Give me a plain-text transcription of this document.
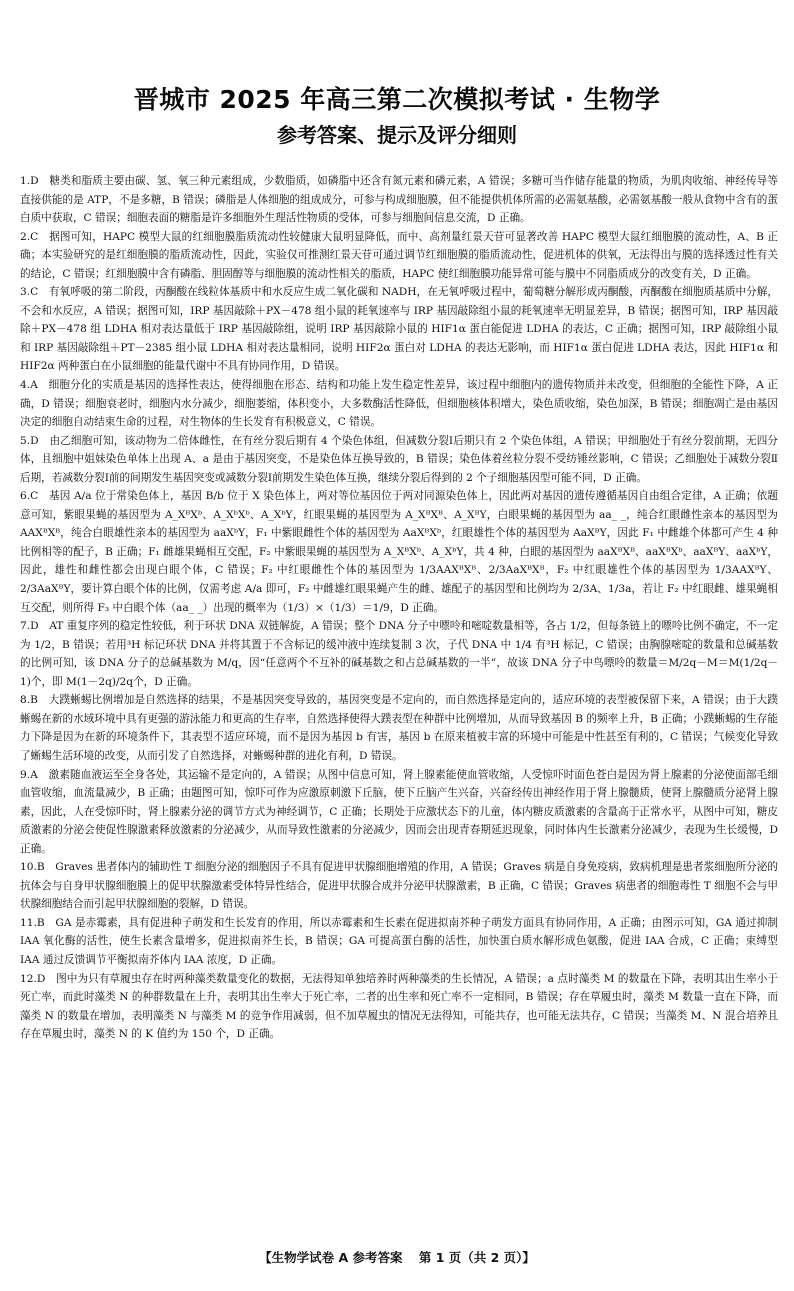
晋城市 2025 年高三第二次模拟考试 · 生物学
参考答案、提示及评分细则

1.D　糖类和脂质主要由碳、氢、氧三种元素组成，少数脂质，如磷脂中还含有氮元素和磷元素，A 错误；多糖可当作储存能量的物质，为肌肉收缩、神经传导等直接供能的是 ATP，不是多糖，B 错误；磷脂是人体细胞的组成成分，可参与构成细胞膜，但不能提供机体所需的必需氨基酸，必需氨基酸一般从食物中含有的蛋白质中获取，C 错误；细胞表面的糖脂是许多细胞外生理活性物质的受体，可参与细胞间信息交流，D 正确。

2.C　据图可知，HAPC 模型大鼠的红细胞膜脂质流动性较健康大鼠明显降低，而中、高剂量红景天苷可显著改善 HAPC 模型大鼠红细胞膜的流动性，A、B 正确；本实验研究的是红细胞膜的脂质流动性，因此，实验仅可推测红景天苷可通过调节红细胞膜的脂质流动性，促进机体的供氧，无法得出与膜的选择透过性有关的结论，C 错误；红细胞膜中含有磷脂、胆固醇等与细胞膜的流动性相关的脂质，HAPC 使红细胞膜功能异常可能与膜中不同脂质成分的改变有关，D 正确。

3.C　有氧呼吸的第二阶段，丙酮酸在线粒体基质中和水反应生成二氧化碳和 NADH，在无氧呼吸过程中，葡萄糖分解形成丙酮酸，丙酮酸在细胞质基质中分解，不会和水反应，A 错误；据图可知，IRP 基因敲除＋PX－478 组小鼠的耗氧速率与 IRP 基因敲除组小鼠的耗氧速率无明显差异，B 错误；据图可知，IRP 基因敲除＋PX－478 组 LDHA 相对表达量低于 IRP 基因敲除组，说明 IRP 基因敲除小鼠的 HIF1α 蛋白能促进 LDHA 的表达，C 正确；据图可知，IRP 敲除组小鼠和 IRP 基因敲除组＋PT－2385 组小鼠 LDHA 相对表达量相同，说明 HIF2α 蛋白对 LDHA 的表达无影响，而 HIF1α 蛋白促进 LDHA 表达，因此 HIF1α 和 HIF2α 两种蛋白在小鼠细胞的能量代谢中不具有协同作用，D 错误。

4.A　细胞分化的实质是基因的选择性表达，使得细胞在形态、结构和功能上发生稳定性差异，该过程中细胞内的遗传物质并未改变，但细胞的全能性下降，A 正确，D 错误；细胞衰老时，细胞内水分减少，细胞萎缩，体积变小，大多数酶活性降低，但细胞核体积增大，染色质收缩，染色加深，B 错误；细胞凋亡是由基因决定的细胞自动结束生命的过程，对生物体的生长发育有积极意义，C 错误。

5.D　由乙细胞可知，该动物为二倍体雌性，在有丝分裂后期有 4 个染色体组，但减数分裂Ⅰ后期只有 2 个染色体组，A 错误；甲细胞处于有丝分裂前期，无四分体，且细胞中姐妹染色单体上出现 A、a 是由于基因突变，不是染色体互换导致的，B 错误；染色体着丝粒分裂不受纺锤丝影响，C 错误；乙细胞处于减数分裂Ⅱ后期，若减数分裂Ⅰ前的间期发生基因突变或减数分裂Ⅰ前期发生染色体互换，继续分裂后得到的 2 个子细胞基因型可能不同，D 正确。

6.C　基因 A/a 位于常染色体上，基因 B/b 位于 X 染色体上，两对等位基因位于两对同源染色体上，因此两对基因的遗传遵循基因自由组合定律，A 正确；依题意可知，紫眼果蝇的基因型为 A_XᴮXᵇ、A_XᵇXᵇ、A_XᵇY，红眼果蝇的基因型为 A_XᴮXᴮ、A_XᴮY，白眼果蝇的基因型为 aa_ _，纯合红眼雌性亲本的基因型为 AAXᴮXᴮ，纯合白眼雄性亲本的基因型为 aaXᵇY，F₁ 中紫眼雌性个体的基因型为 AaXᴮXᵇ，红眼雄性个体的基因型为 AaXᴮY，因此 F₁ 中雌雄个体都可产生 4 种比例相等的配子，B 正确；F₁ 雌雄果蝇相互交配，F₂ 中紫眼果蝇的基因型为 A_XᴮXᵇ、A_XᵇY，共 4 种，白眼的基因型为 aaXᴮXᴮ、aaXᴮXᵇ、aaXᴮY、aaXᵇY，因此，雄性和雌性都会出现白眼个体，C 错误；F₂ 中红眼雌性个体的基因型为 1/3AAXᴮXᴮ、2/3AaXᴮXᴮ，F₂ 中红眼雄性个体的基因型为 1/3AAXᴮY、2/3AaXᴮY，要计算白眼个体的比例，仅需考虑 A/a 即可，F₂ 中雌雄红眼果蝇产生的雌、雄配子的基因型和比例均为 2/3A、1/3a，若让 F₂ 中红眼雌、雄果蝇相互交配，则所得 F₃ 中白眼个体（aa_ _）出现的概率为（1/3）×（1/3）＝1/9，D 正确。

7.D　AT 重复序列的稳定性较低，利于环状 DNA 双链解旋，A 错误；整个 DNA 分子中嘌呤和嘧啶数量相等，各占 1/2，但每条链上的嘌呤比例不确定，不一定为 1/2，B 错误；若用³H 标记环状 DNA 并将其置于不含标记的缓冲液中连续复制 3 次，子代 DNA 中 1/4 有³H 标记，C 错误；由胸腺嘧啶的数量和总碱基数的比例可知，该 DNA 分子的总碱基数为 M/q，因“任意两个不互补的碱基数之和占总碱基数的一半”，故该 DNA 分子中鸟嘌呤的数量＝M/2q－M＝M(1/2q－1)个，即 M(1－2q)/2q个，D 正确。

8.B　大蹼蜥蜴比例增加是自然选择的结果，不是基因突变导致的，基因突变是不定向的，而自然选择是定向的，适应环境的表型被保留下来，A 错误；由于大蹼蜥蜴在新的水域环境中具有更强的游泳能力和更高的生存率，自然选择使得大蹼表型在种群中比例增加，从而导致基因 B 的频率上升，B 正确；小蹼蜥蜴的生存能力下降是因为在新的环境条件下，其表型不适应环境，而不是因为基因 b 有害，基因 b 在原来植被丰富的环境中可能是中性甚至有利的，C 错误；气候变化导致了蜥蜴生活环境的改变，从而引发了自然选择，对蜥蜴种群的进化有利，D 错误。

9.A　激素随血液运至全身各处，其运输不是定向的，A 错误；从图中信息可知，肾上腺素能使血管收缩，人受惊吓时面色苍白是因为肾上腺素的分泌使面部毛细血管收缩，血流量减少，B 正确；由题图可知，惊吓可作为应激原刺激下丘脑，使下丘脑产生兴奋，兴奋经传出神经作用于肾上腺髓质，使肾上腺髓质分泌肾上腺素，因此，人在受惊吓时，肾上腺素分泌的调节方式为神经调节，C 正确；长期处于应激状态下的儿童，体内糖皮质激素的含量高于正常水平，从图中可知，糖皮质激素的分泌会使促性腺激素释放激素的分泌减少，从而导致性激素的分泌减少，因而会出现青春期延迟现象，同时体内生长激素分泌减少，表现为生长缓慢，D 正确。

10.B　Graves 患者体内的辅助性 T 细胞分泌的细胞因子不具有促进甲状腺细胞增殖的作用，A 错误；Graves 病是自身免疫病，致病机理是患者浆细胞所分泌的抗体会与自身甲状腺细胞膜上的促甲状腺激素受体特异性结合，促进甲状腺合成并分泌甲状腺激素，B 正确，C 错误；Graves 病患者的细胞毒性 T 细胞不会与甲状腺细胞结合而引起甲状腺细胞的裂解，D 错误。

11.B　GA 是赤霉素，具有促进种子萌发和生长发育的作用，所以赤霉素和生长素在促进拟南芥种子萌发方面具有协同作用，A 正确；由图示可知，GA 通过抑制 IAA 氧化酶的活性，使生长素含量增多，促进拟南芥生长，B 错误；GA 可提高蛋白酶的活性，加快蛋白质水解形成色氨酸，促进 IAA 合成，C 正确；束缚型 IAA 通过反馈调节平衡拟南芥体内 IAA 浓度，D 正确。

12.D　图中为只有草履虫存在时两种藻类数量变化的数据，无法得知单独培养时两种藻类的生长情况，A 错误；a 点时藻类 M 的数量在下降，表明其出生率小于死亡率，而此时藻类 N 的种群数量在上升，表明其出生率大于死亡率，二者的出生率和死亡率不一定相同，B 错误；存在草履虫时，藻类 M 数量一直在下降，而藻类 N 的数量在增加，表明藻类 N 与藻类 M 的竞争作用减弱，但不加草履虫的情况无法得知，可能共存，也可能无法共存，C 错误；当藻类 M、N 混合培养且存在草履虫时，藻类 N 的 K 值约为 150 个，D 正确。

【生物学试卷 A 参考答案 第 1 页（共 2 页）】
